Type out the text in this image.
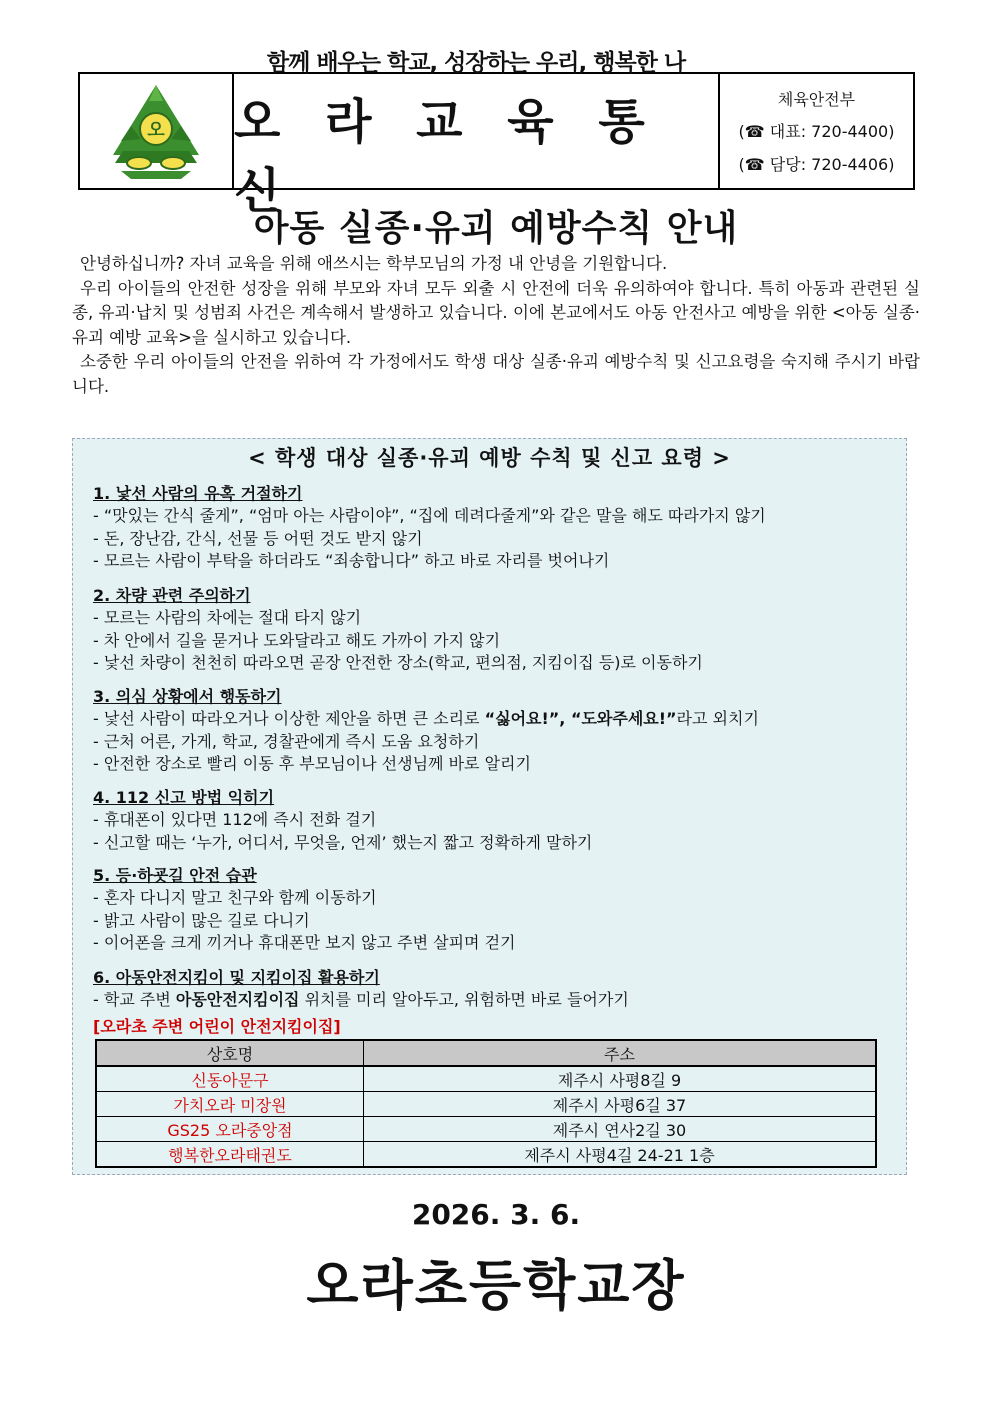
오
함께 배우는 학교, 성장하는 우리, 행복한 나
오 라 교 육 통 신
체육안전부
(☎ 대표: 720-4400)
(☎ 담당: 720-4406)
아동 실종·유괴 예방수칙 안내

안녕하십니까? 자녀 교육을 위해 애쓰시는 학부모님의 가정 내 안녕을 기원합니다.

우리 아이들의 안전한 성장을 위해 부모와 자녀 모두 외출 시 안전에 더욱 유의하여야 합니다. 특히 아동과 관련된 실종, 유괴·납치 및 성범죄 사건은 계속해서 발생하고 있습니다. 이에 본교에서도 아동 안전사고 예방을 위한 <아동 실종·유괴 예방 교육>을 실시하고 있습니다.

소중한 우리 아이들의 안전을 위하여 각 가정에서도 학생 대상 실종·유괴 예방수칙 및 신고요령을 숙지해 주시기 바랍니다.

< 학생 대상 실종·유괴 예방 수칙 및 신고 요령 >
1. 낯선 사람의 유혹 거절하기
- “맛있는 간식 줄게”, “엄마 아는 사람이야”, “집에 데려다줄게”와 같은 말을 해도 따라가지 않기
- 돈, 장난감, 간식, 선물 등 어떤 것도 받지 않기
- 모르는 사람이 부탁을 하더라도 “죄송합니다” 하고 바로 자리를 벗어나기
2. 차량 관련 주의하기
- 모르는 사람의 차에는 절대 타지 않기
- 차 안에서 길을 묻거나 도와달라고 해도 가까이 가지 않기
- 낯선 차량이 천천히 따라오면 곧장 안전한 장소(학교, 편의점, 지킴이집 등)로 이동하기
3. 의심 상황에서 행동하기
- 낯선 사람이 따라오거나 이상한 제안을 하면 큰 소리로 “싫어요!”, “도와주세요!”라고 외치기
- 근처 어른, 가게, 학교, 경찰관에게 즉시 도움 요청하기
- 안전한 장소로 빨리 이동 후 부모님이나 선생님께 바로 알리기
4. 112 신고 방법 익히기
- 휴대폰이 있다면 112에 즉시 전화 걸기
- 신고할 때는 ‘누가, 어디서, 무엇을, 언제’ 했는지 짧고 정확하게 말하기
5. 등·하굣길 안전 습관
- 혼자 다니지 말고 친구와 함께 이동하기
- 밝고 사람이 많은 길로 다니기
- 이어폰을 크게 끼거나 휴대폰만 보지 않고 주변 살피며 걷기
6. 아동안전지킴이 및 지킴이집 활용하기
- 학교 주변 아동안전지킴이집 위치를 미리 알아두고, 위험하면 바로 들어가기
[오라초 주변 어린이 안전지킴이집]
상호명	주소
신동아문구	제주시 사평8길 9
가치오라 미장원	제주시 사평6길 37
GS25 오라중앙점	제주시 연사2길 30
행복한오라태권도	제주시 사평4길 24-21 1층
2026. 3. 6.
오라초등학교장
